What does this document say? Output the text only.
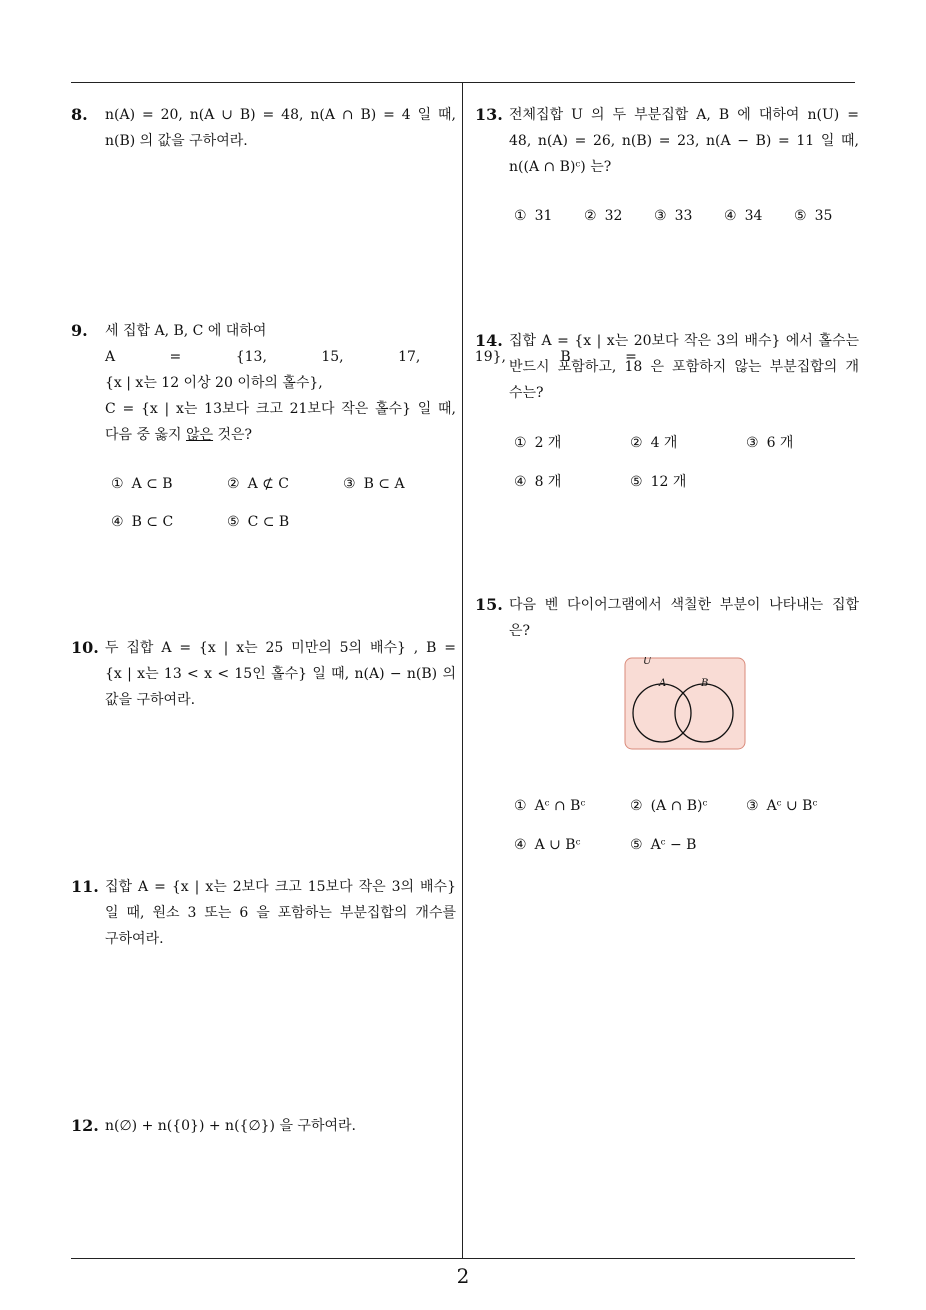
8. n(A) = 20, n(A ∪ B) = 48, n(A ∩ B) = 4 일 때,
n(B) 의 값을 구하여라.
9. 세 집합 A, B, C 에 대하여
A = {13, 15, 17, 19}, B =
{x | x는 12 이상 20 이하의 홀수},
C = {x | x는 13보다 크고 21보다 작은 홀수} 일 때,
다음 중 옳지 않은 것은?
① A ⊂ B	② A ⊄ C	③ B ⊂ A
④ B ⊂ C	⑤ C ⊂ B
10. 두 집합 A = {x | x는 25 미만의 5의 배수} , B =
{x | x는 13 < x < 15인 홀수} 일 때, n(A) − n(B) 의
값을 구하여라.
11. 집합 A = {x | x는 2보다 크고 15보다 작은 3의 배수}
일 때, 원소 3 또는 6 을 포함하는 부분집합의 개수를
구하여라.
12. n(∅) + n({0}) + n({∅}) 을 구하여라.
13. 전체집합 U 의 두 부분집합 A, B 에 대하여 n(U) =
48, n(A) = 26, n(B) = 23, n(A − B) = 11 일 때,
n((A ∩ B)ᶜ) 는?
① 31 ② 32 ③ 33 ④ 34 ⑤ 35
14. 집합 A = {x | x는 20보다 작은 3의 배수} 에서 홀수는
반드시 포함하고, 18 은 포함하지 않는 부분집합의 개
수는?
① 2 개	② 4 개	③ 6 개
④ 8 개	⑤ 12 개
15. 다음 벤 다이어그램에서 색칠한 부분이 나타내는 집합
은?
U
A	B
① Aᶜ ∩ Bᶜ	② (A ∩ B)ᶜ	③ Aᶜ ∪ Bᶜ
④ A ∪ Bᶜ	⑤ Aᶜ − B
2
